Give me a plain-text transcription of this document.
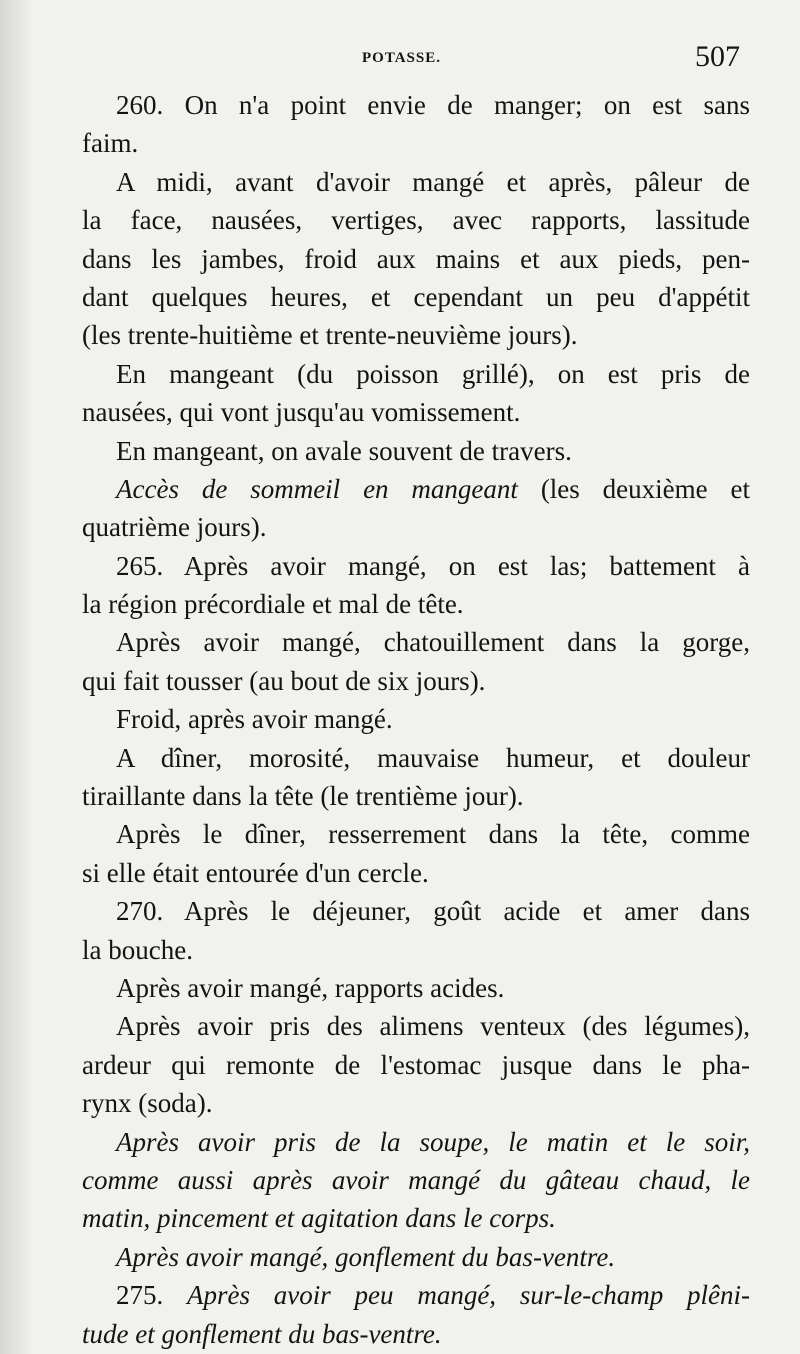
POTASSE.	507
260. On n'a point envie de manger; on est sans
faim.
A midi, avant d'avoir mangé et après, pâleur de
la face, nausées, vertiges, avec rapports, lassitude
dans les jambes, froid aux mains et aux pieds, pen-
dant quelques heures, et cependant un peu d'appétit
(les trente-huitième et trente-neuvième jours).
En mangeant (du poisson grillé), on est pris de
nausées, qui vont jusqu'au vomissement.
En mangeant, on avale souvent de travers.
Accès de sommeil en mangeant (les deuxième et
quatrième jours).
265. Après avoir mangé, on est las; battement à
la région précordiale et mal de tête.
Après avoir mangé, chatouillement dans la gorge,
qui fait tousser (au bout de six jours).
Froid, après avoir mangé.
A dîner, morosité, mauvaise humeur, et douleur
tiraillante dans la tête (le trentième jour).
Après le dîner, resserrement dans la tête, comme
si elle était entourée d'un cercle.
270. Après le déjeuner, goût acide et amer dans
la bouche.
Après avoir mangé, rapports acides.
Après avoir pris des alimens venteux (des légumes),
ardeur qui remonte de l'estomac jusque dans le pha-
rynx (soda).
Après avoir pris de la soupe, le matin et le soir,
comme aussi après avoir mangé du gâteau chaud, le
matin, pincement et agitation dans le corps.
Après avoir mangé, gonflement du bas-ventre.
275. Après avoir peu mangé, sur-le-champ plêni-
tude et gonflement du bas-ventre.
